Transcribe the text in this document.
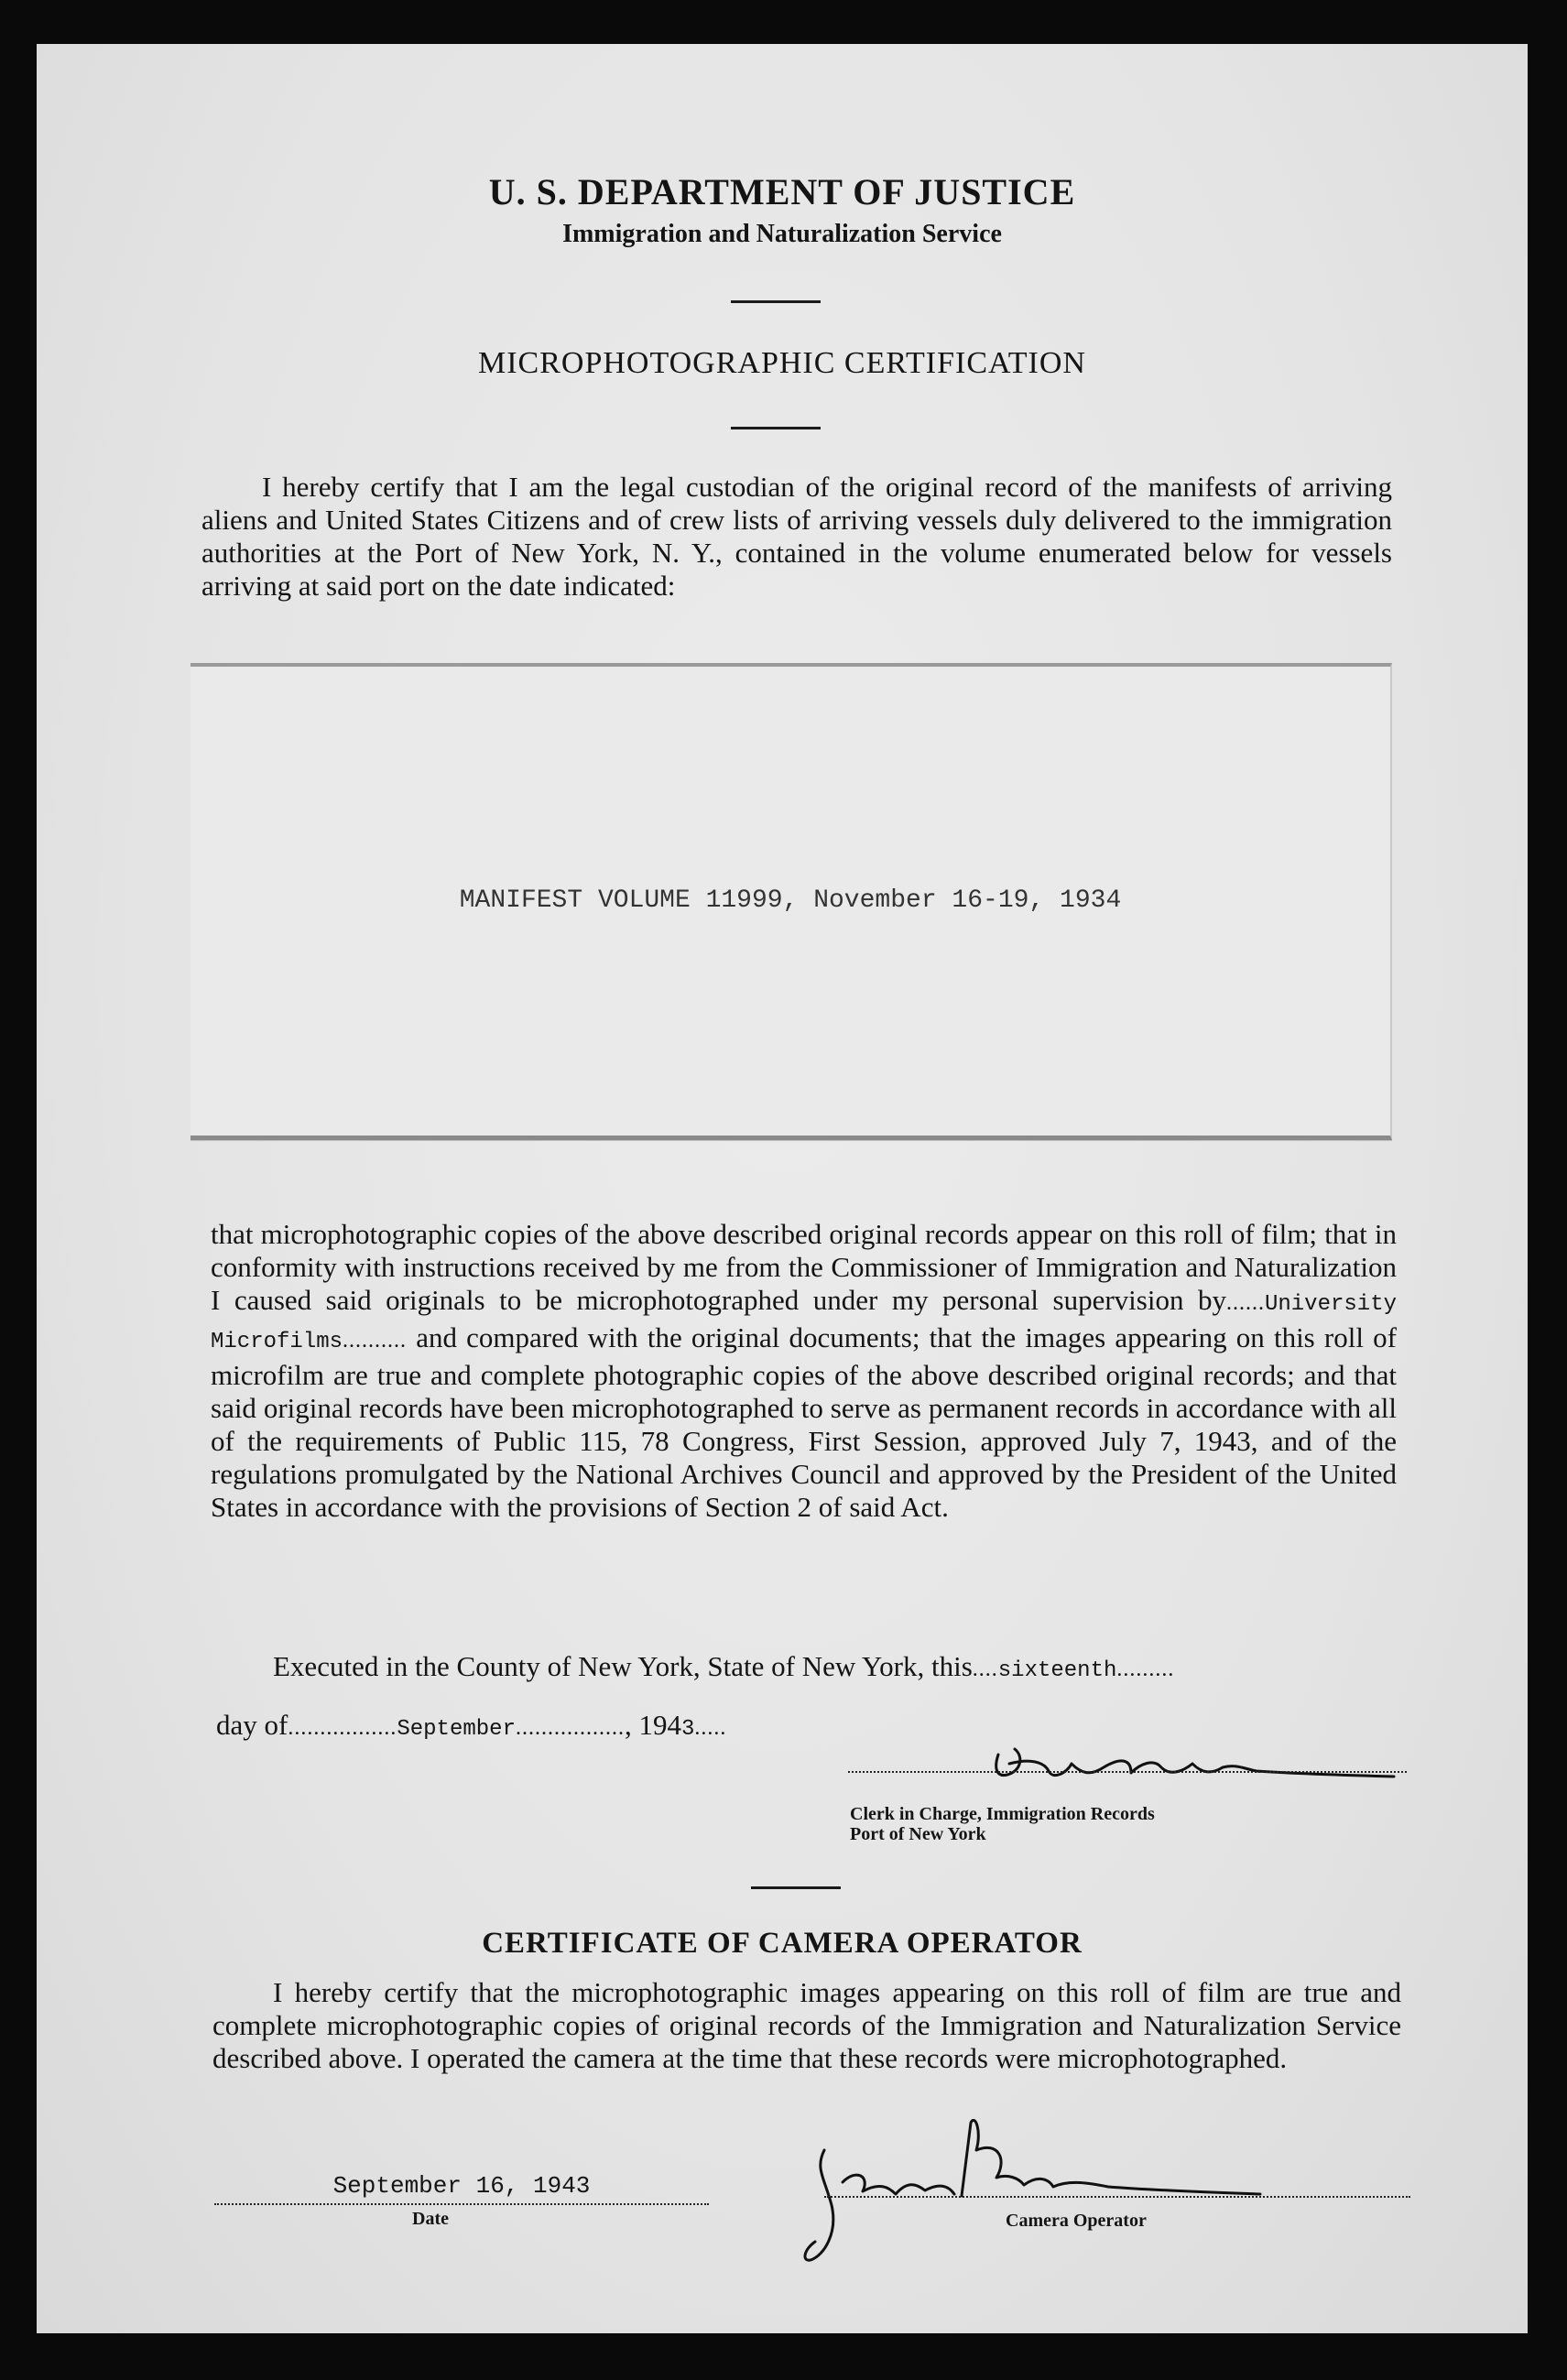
U. S. DEPARTMENT OF JUSTICE
Immigration and Naturalization Service
MICROPHOTOGRAPHIC CERTIFICATION
I hereby certify that I am the legal custodian of the original record of the manifests of arriving aliens and United States Citizens and of crew lists of arriving vessels duly delivered to the immigration authorities at the Port of New York, N. Y., contained in the volume enumerated below for vessels arriving at said port on the date indicated:
MANIFEST VOLUME 11999, November 16-19, 1934
that microphotographic copies of the above described original records appear on this roll of film; that in conformity with instructions received by me from the Commissioner of Immigration and Naturalization I caused said originals to be microphotographed under my personal supervision by......University Microfilms.......... and compared with the original documents; that the images appearing on this roll of microfilm are true and complete photographic copies of the above described original records; and that said original records have been microphotographed to serve as permanent records in accordance with all of the requirements of Public 115, 78 Congress, First Session, approved July 7, 1943, and of the regulations promulgated by the National Archives Council and approved by the President of the United States in accordance with the provisions of Section 2 of said Act.
Executed in the County of New York, State of New York, this....sixteenth.........
day of.................September................., 1943.....
Clerk in Charge, Immigration Records
Port of New York
CERTIFICATE OF CAMERA OPERATOR
I hereby certify that the microphotographic images appearing on this roll of film are true and complete microphotographic copies of original records of the Immigration and Naturalization Service described above. I operated the camera at the time that these records were microphotographed.
September 16, 1943
Date	Camera Operator
